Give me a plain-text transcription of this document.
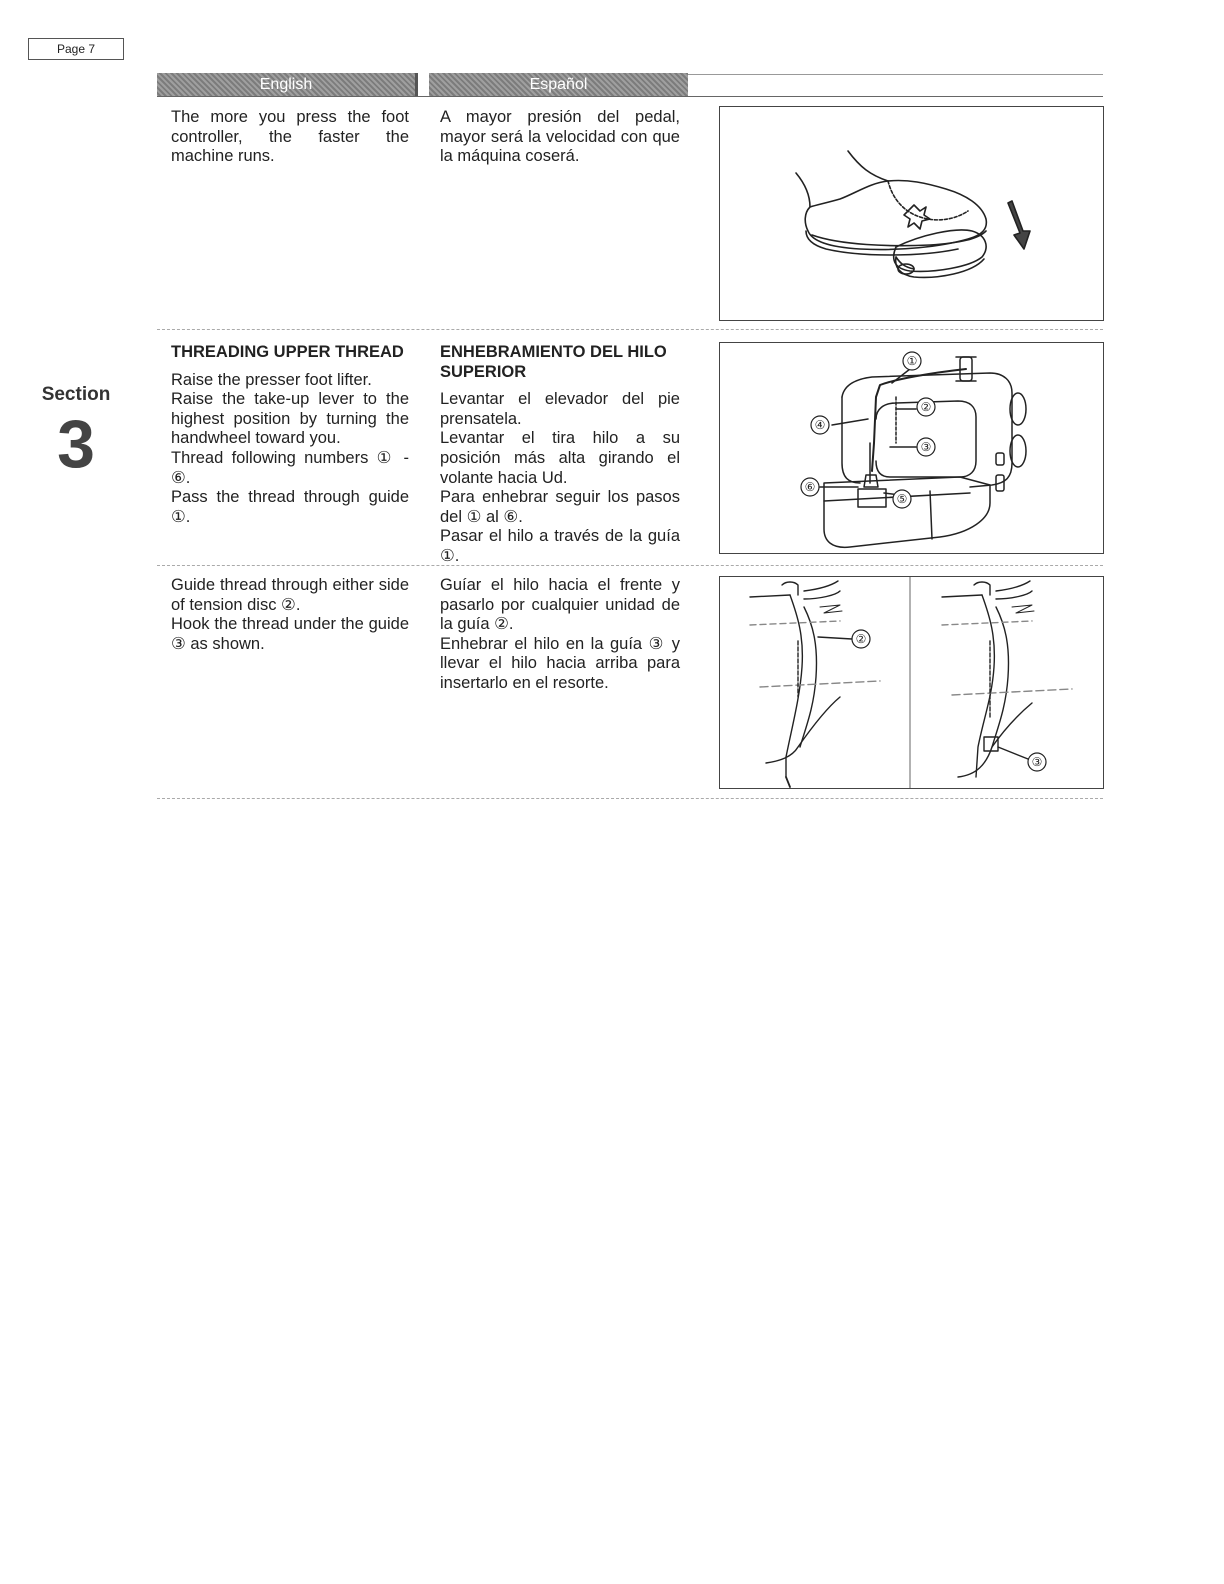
Page 7
Section
3
English	Español

The more you press the foot controller, the faster the machine runs.

A mayor presión del pedal, mayor será la velocidad con que la máquina coserá.

THREADING UPPER THREAD

Raise the presser foot lifter.

Raise the take-up lever to the highest position by turning the handwheel toward you.

Thread following numbers ① - ⑥.

Pass the thread through guide ①.

ENHEBRAMIENTO DEL HILO SUPERIOR

Levantar el elevador del pie prensatela.

Levantar el tira hilo a su posición más alta girando el volante hacia Ud.

Para enhebrar seguir los pasos del ① al ⑥.

Pasar el hilo a través de la guía ①.

①
②
③
④
⑤
⑥

Guide thread through either side of tension disc ②.

Hook the thread under the guide ③ as shown.

Guíar el hilo hacia el frente y pasarlo por cualquier unidad de la guía ②.

Enhebrar el hilo en la guía ③ y llevar el hilo hacia arriba para insertarlo en el resorte.

②
③
